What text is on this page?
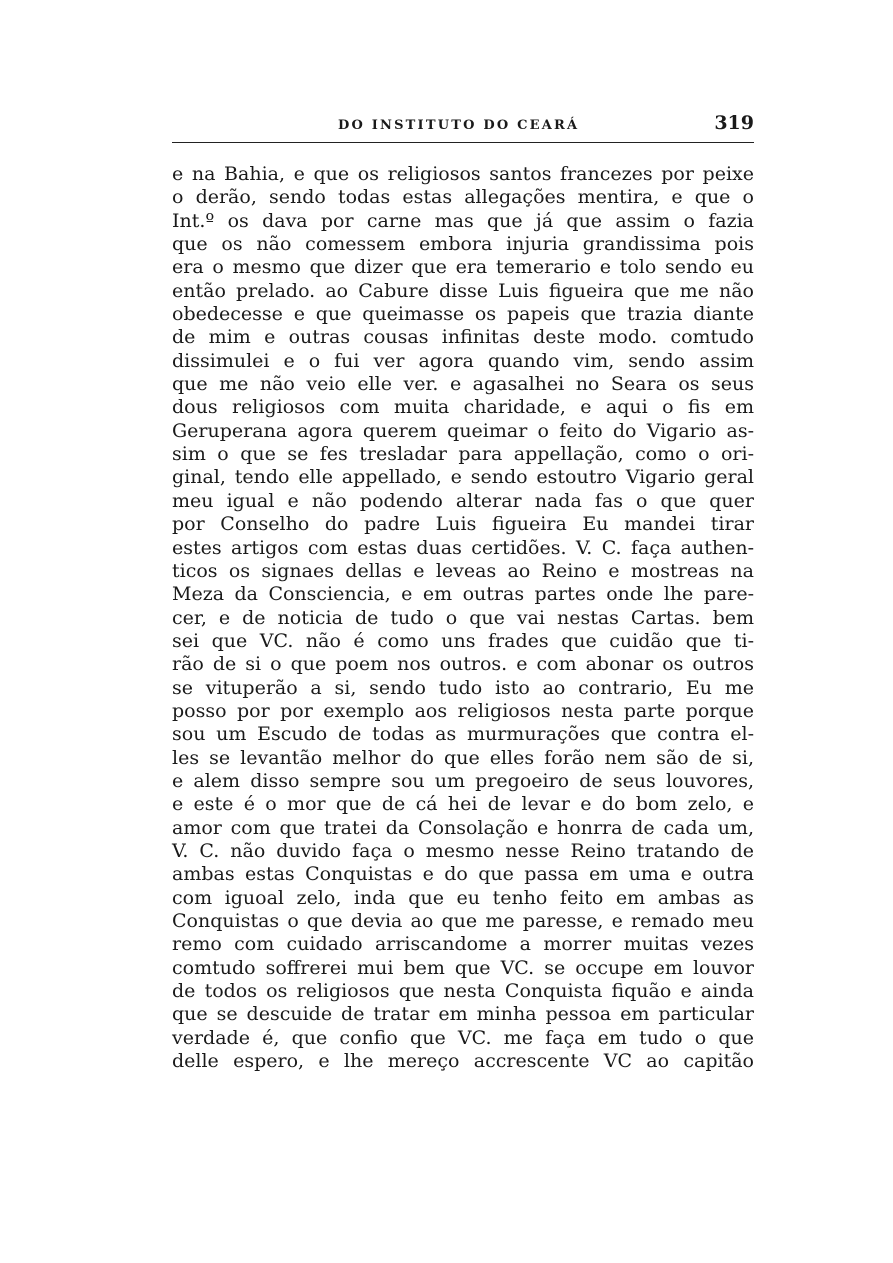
DO INSTITUTO DO CEARÁ	319
e na Bahia, e que os religiosos santos francezes por peixe
o derão, sendo todas estas allegações mentira, e que o
Int.º os dava por carne mas que já que assim o fazia
que os não comessem embora injuria grandissima pois
era o mesmo que dizer que era temerario e tolo sendo eu
então prelado. ao Cabure disse Luis figueira que me não
obedecesse e que queimasse os papeis que trazia diante
de mim e outras cousas infinitas deste modo. comtudo
dissimulei e o fui ver agora quando vim, sendo assim
que me não veio elle ver. e agasalhei no Seara os seus
dous religiosos com muita charidade, e aqui o fis em
Geruperana agora querem queimar o feito do Vigario as-
sim o que se fes tresladar para appellação, como o ori-
ginal, tendo elle appellado, e sendo estoutro Vigario geral
meu igual e não podendo alterar nada fas o que quer
por Conselho do padre Luis figueira Eu mandei tirar
estes artigos com estas duas certidões. V. C. faça authen-
ticos os signaes dellas e leveas ao Reino e mostreas na
Meza da Consciencia, e em outras partes onde lhe pare-
cer, e de noticia de tudo o que vai nestas Cartas. bem
sei que VC. não é como uns frades que cuidão que ti-
rão de si o que poem nos outros. e com abonar os outros
se vituperão a si, sendo tudo isto ao contrario, Eu me
posso por por exemplo aos religiosos nesta parte porque
sou um Escudo de todas as murmurações que contra el-
les se levantão melhor do que elles forão nem são de si,
e alem disso sempre sou um pregoeiro de seus louvores,
e este é o mor que de cá hei de levar e do bom zelo, e
amor com que tratei da Consolação e honrra de cada um,
V. C. não duvido faça o mesmo nesse Reino tratando de
ambas estas Conquistas e do que passa em uma e outra
com iguoal zelo, inda que eu tenho feito em ambas as
Conquistas o que devia ao que me paresse, e remado meu
remo com cuidado arriscandome a morrer muitas vezes
comtudo soffrerei mui bem que VC. se occupe em louvor
de todos os religiosos que nesta Conquista fiquão e ainda
que se descuide de tratar em minha pessoa em particular
verdade é, que confio que VC. me faça em tudo o que
delle espero, e lhe mereço accrescente VC ao capitão
